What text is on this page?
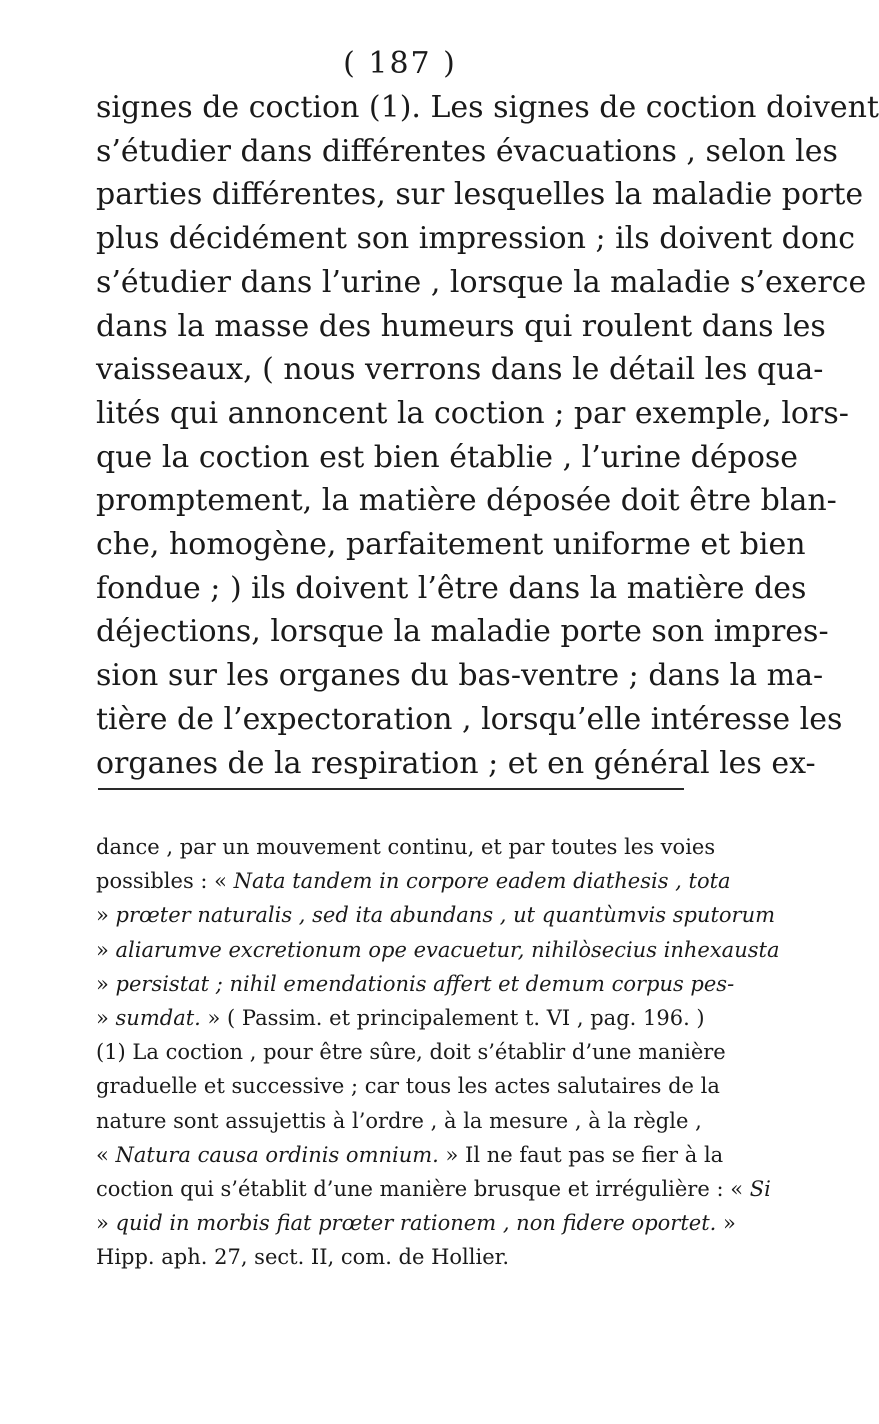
( 187 )
signes de coction (1). Les signes de coction doivent
s’étudier dans différentes évacuations , selon les
parties différentes, sur lesquelles la maladie porte
plus décidément son impression ; ils doivent donc
s’étudier dans l’urine , lorsque la maladie s’exerce
dans la masse des humeurs qui roulent dans les
vaisseaux, ( nous verrons dans le détail les qua-
lités qui annoncent la coction ; par exemple, lors-
que la coction est bien établie , l’urine dépose
promptement, la matière déposée doit être blan-
che, homogène, parfaitement uniforme et bien
fondue ; ) ils doivent l’être dans la matière des
déjections, lorsque la maladie porte son impres-
sion sur les organes du bas-ventre ; dans la ma-
tière de l’expectoration , lorsqu’elle intéresse les
organes de la respiration ; et en général les ex-
dance , par un mouvement continu, et par toutes les voies
possibles : « Nata tandem in corpore eadem diathesis , tota
» prœter naturalis , sed ita abundans , ut quantùmvis sputorum
» aliarumve excretionum ope evacuetur, nihilòsecius inhexausta
» persistat ; nihil emendationis affert et demum corpus pes-
» sumdat. » ( Passim. et principalement t. VI , pag. 196. )
(1) La coction , pour être sûre, doit s’établir d’une manière
graduelle et successive ; car tous les actes salutaires de la
nature sont assujettis à l’ordre , à la mesure , à la règle ,
« Natura causa ordinis omnium. » Il ne faut pas se fier à la
coction qui s’établit d’une manière brusque et irrégulière : « Si
» quid in morbis fiat prœter rationem , non fidere oportet. »
Hipp. aph. 27, sect. II, com. de Hollier.
